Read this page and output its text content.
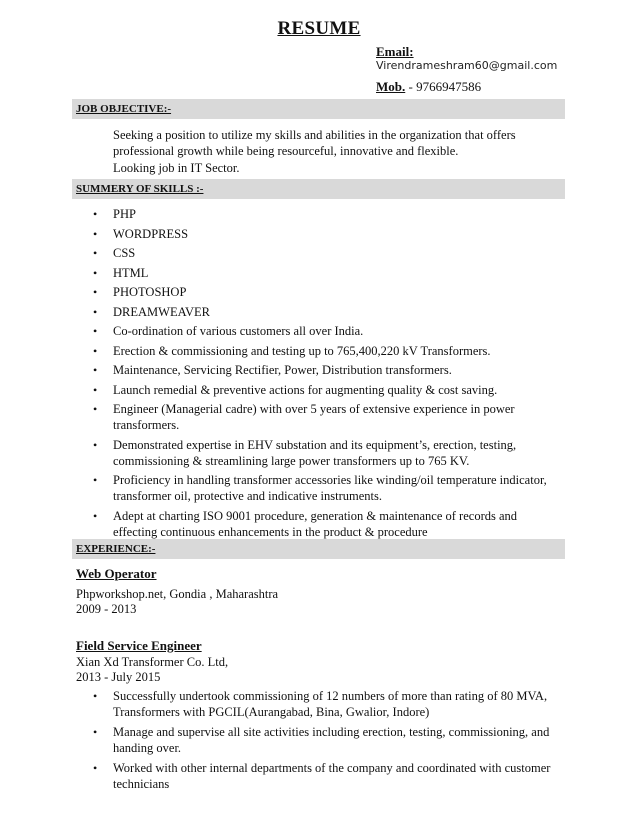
RESUME
Email:
Virendrameshram60@gmail.com
Mob. - 9766947586
JOB OBJECTIVE:-
Seeking a position to utilize my skills and abilities in the organization that offers
professional growth while being resourceful, innovative and flexible.
Looking job in IT Sector.
SUMMERY OF SKILLS :-
• PHP
• WORDPRESS
• CSS
• HTML
• PHOTOSHOP
• DREAMWEAVER
• Co-ordination of various customers all over India.
• Erection & commissioning and testing up to 765,400,220 kV Transformers.
• Maintenance, Servicing Rectifier, Power, Distribution transformers.
• Launch remedial & preventive actions for augmenting quality & cost saving.
• Engineer (Managerial cadre) with over 5 years of extensive experience in power
transformers.
• Demonstrated expertise in EHV substation and its equipment’s, erection, testing,
commissioning & streamlining large power transformers up to 765 KV.
• Proficiency in handling transformer accessories like winding/oil temperature indicator,
transformer oil, protective and indicative instruments.
• Adept at charting ISO 9001 procedure, generation & maintenance of records and
effecting continuous enhancements in the product & procedure
EXPERIENCE:-
Web Operator
Phpworkshop.net, Gondia , Maharashtra
2009 - 2013
Field Service Engineer
Xian Xd Transformer Co. Ltd,
2013 - July 2015
• Successfully undertook commissioning of 12 numbers of more than rating of 80 MVA,
Transformers with PGCIL(Aurangabad, Bina, Gwalior, Indore)
• Manage and supervise all site activities including erection, testing, commissioning, and
handing over.
• Worked with other internal departments of the company and coordinated with customer
technicians
